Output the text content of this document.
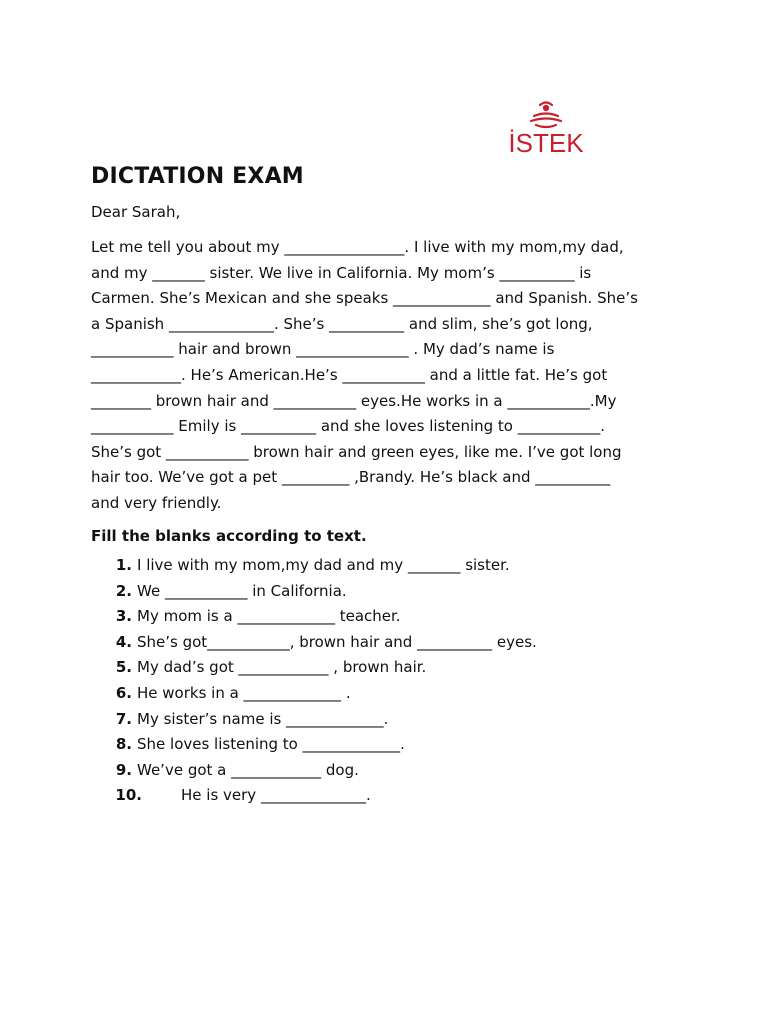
İSTEK
DICTATION EXAM

Dear Sarah,

Let me tell you about my ________________. I live with my mom,my dad,
and my _______ sister. We live in California. My mom’s __________ is
Carmen. She’s Mexican and she speaks _____________ and Spanish. She’s
a Spanish ______________. She’s __________ and slim, she’s got long,
___________ hair and brown _______________ . My dad’s name is
____________. He’s American.He’s ___________ and a little fat. He’s got
________ brown hair and ___________ eyes.He works in a ___________.My
___________ Emily is __________ and she loves listening to ___________.
She’s got ___________ brown hair and green eyes, like me. I’ve got long
hair too. We’ve got a pet _________ ,Brandy. He’s black and __________
and very friendly.

Fill the blanks according to text.

1. I live with my mom,my dad and my _______ sister.
2. We ___________ in California.
3. My mom is a _____________ teacher.
4. She’s got___________, brown hair and __________ eyes.
5. My dad’s got ____________ , brown hair.
6. He works in a _____________ .
7. My sister’s name is _____________.
8. She loves listening to _____________.
9. We’ve got a ____________ dog.
10.	He is very ______________.
